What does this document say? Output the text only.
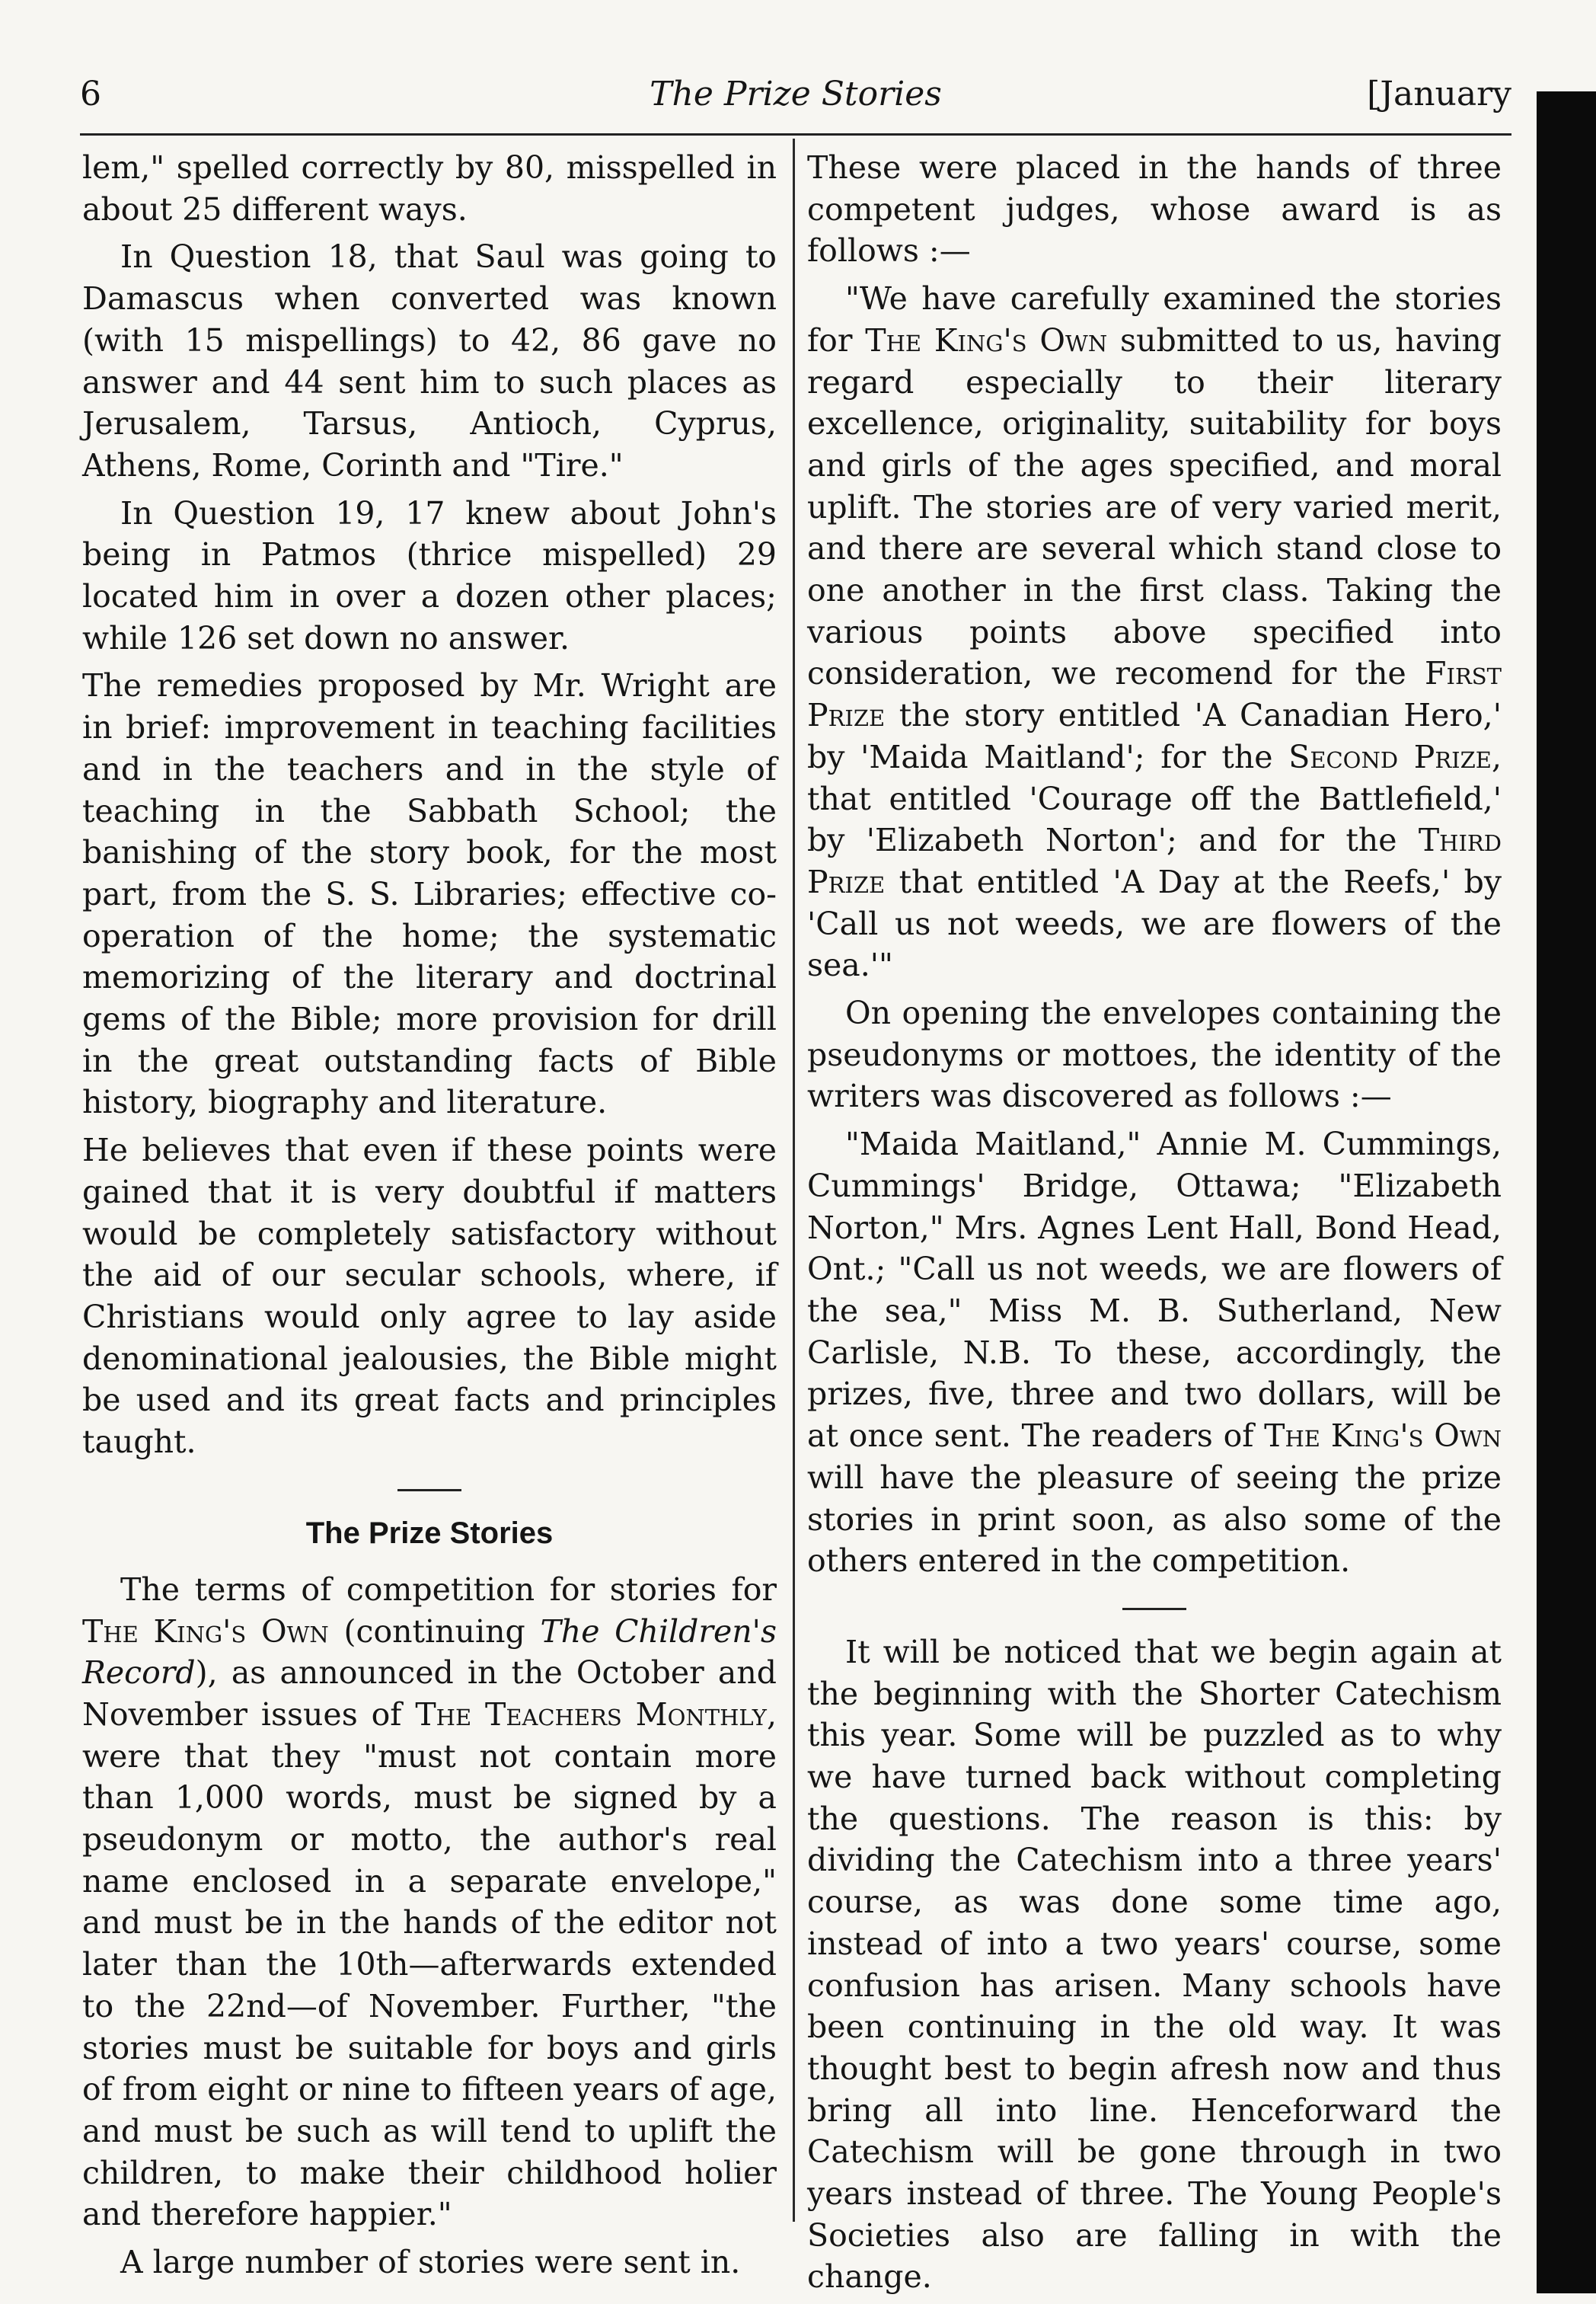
6	The Prize Stories	[January

lem," spelled correctly by 80, misspelled in about 25 different ways.

In Question 18, that Saul was going to Damascus when converted was known (with 15 mispellings) to 42, 86 gave no answer and 44 sent him to such places as Jerusalem, Tarsus, Antioch, Cyprus, Athens, Rome, Corinth and "Tire."

In Question 19, 17 knew about John's being in Patmos (thrice mispelled) 29 located him in over a dozen other places; while 126 set down no answer.

The remedies proposed by Mr. Wright are in brief: improvement in teaching facilities and in the teachers and in the style of teaching in the Sabbath School; the banishing of the story book, for the most part, from the S. S. Libraries; effective co-operation of the home; the systematic memorizing of the literary and doctrinal gems of the Bible; more provision for drill in the great outstanding facts of Bible history, biography and literature.

He believes that even if these points were gained that it is very doubtful if matters would be completely satisfactory without the aid of our secular schools, where, if Christians would only agree to lay aside denominational jealousies, the Bible might be used and its great facts and principles taught.

The Prize Stories

The terms of competition for stories for The King's Own (continuing The Children's Record), as announced in the October and November issues of The Teachers Monthly, were that they "must not contain more than 1,000 words, must be signed by a pseudonym or motto, the author's real name enclosed in a separate envelope," and must be in the hands of the editor not later than the 10th—afterwards extended to the 22nd—of November. Further, "the stories must be suitable for boys and girls of from eight or nine to fifteen years of age, and must be such as will tend to uplift the children, to make their childhood holier and therefore happier."

A large number of stories were sent in.

These were placed in the hands of three competent judges, whose award is as follows :—

"We have carefully examined the stories for The King's Own submitted to us, having regard especially to their literary excellence, originality, suitability for boys and girls of the ages specified, and moral uplift. The stories are of very varied merit, and there are several which stand close to one another in the first class. Taking the various points above specified into consideration, we recomend for the First Prize the story entitled 'A Canadian Hero,' by 'Maida Maitland'; for the Second Prize, that entitled 'Courage off the Battlefield,' by 'Elizabeth Norton'; and for the Third Prize that entitled 'A Day at the Reefs,' by 'Call us not weeds, we are flowers of the sea.'"

On opening the envelopes containing the pseudonyms or mottoes, the identity of the writers was discovered as follows :—

"Maida Maitland," Annie M. Cummings, Cummings' Bridge, Ottawa; "Elizabeth Norton," Mrs. Agnes Lent Hall, Bond Head, Ont.; "Call us not weeds, we are flowers of the sea," Miss M. B. Sutherland, New Carlisle, N.B. To these, accordingly, the prizes, five, three and two dollars, will be at once sent. The readers of The King's Own will have the pleasure of seeing the prize stories in print soon, as also some of the others entered in the competition.

It will be noticed that we begin again at the beginning with the Shorter Catechism this year. Some will be puzzled as to why we have turned back without completing the questions. The reason is this: by dividing the Catechism into a three years' course, as was done some time ago, instead of into a two years' course, some confusion has arisen. Many schools have been continuing in the old way. It was thought best to begin afresh now and thus bring all into line. Henceforward the Catechism will be gone through in two years instead of three. The Young People's Societies also are falling in with the change.
